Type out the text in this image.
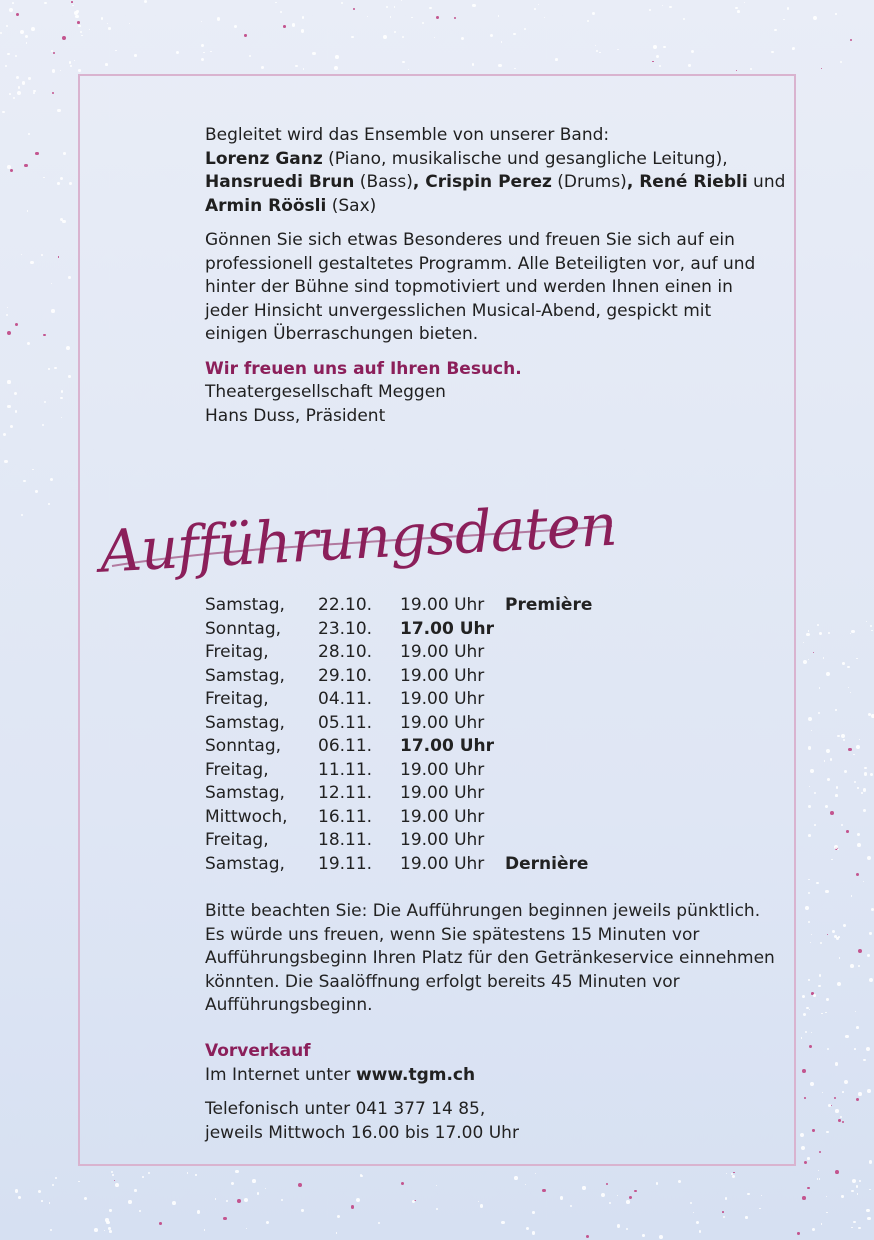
Begleitet wird das Ensemble von unserer Band:

Lorenz Ganz (Piano, musikalische und gesangliche Leitung),

Hansruedi Brun (Bass), Crispin Perez (Drums), René Riebli und

Armin Röösli (Sax)

Gönnen Sie sich etwas Besonderes und freuen Sie sich auf ein professionell gestaltetes Programm. Alle Beteiligten vor, auf und hinter der Bühne sind topmotiviert und werden Ihnen einen in jeder Hinsicht unvergesslichen Musical-Abend, gespickt mit einigen Überraschungen bieten.

Wir freuen uns auf Ihren Besuch.

Theatergesellschaft Meggen

Hans Duss, Präsident

Aufführungsdaten
Samstag, 22.10. 19.00 Uhr Première
Sonntag, 23.10. 17.00 Uhr
Freitag,	28.10. 19.00 Uhr
Samstag, 29.10. 19.00 Uhr
Freitag,	04.11. 19.00 Uhr
Samstag, 05.11. 19.00 Uhr
Sonntag, 06.11. 17.00 Uhr
Freitag,	11.11. 19.00 Uhr
Samstag, 12.11. 19.00 Uhr
Mittwoch, 16.11. 19.00 Uhr
Freitag,	18.11. 19.00 Uhr
Samstag, 19.11. 19.00 Uhr Dernière
Bitte beachten Sie: Die Aufführungen beginnen jeweils pünktlich. Es würde uns freuen, wenn Sie spätestens 15 Minuten vor Aufführungsbeginn Ihren Platz für den Getränkeservice einnehmen könnten. Die Saalöffnung erfolgt bereits 45 Minuten vor Aufführungsbeginn.

Vorverkauf

Im Internet unter www.tgm.ch

Telefonisch unter 041 377 14 85,

jeweils Mittwoch 16.00 bis 17.00 Uhr
